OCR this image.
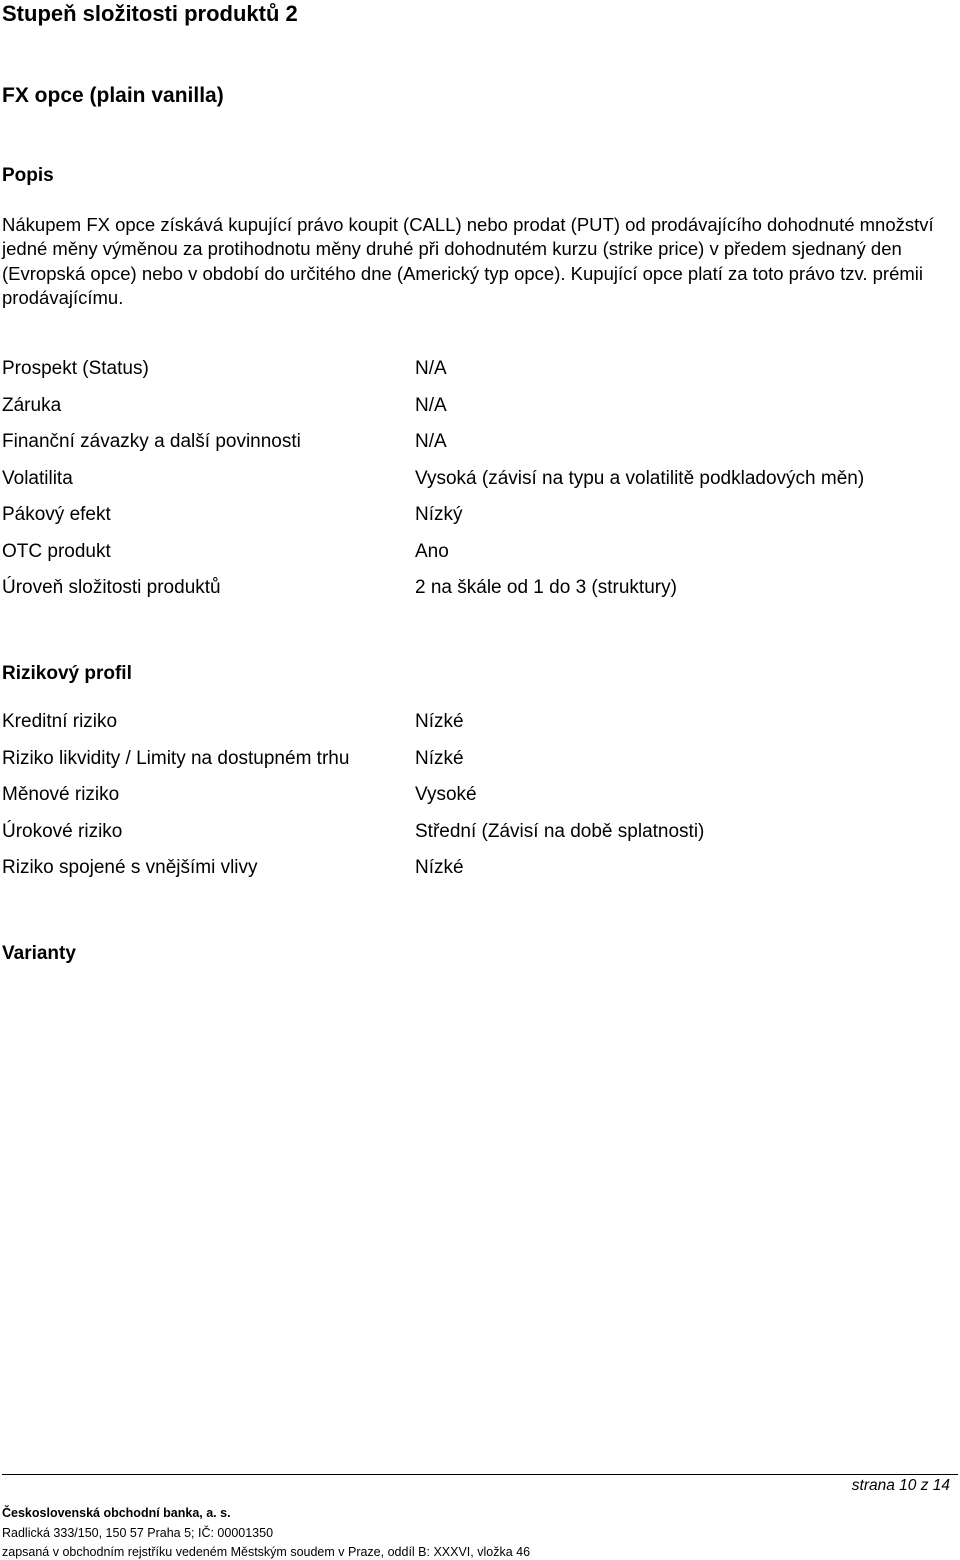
Stupeň složitosti produktů 2
FX opce (plain vanilla)
Popis
Nákupem FX opce získává kupující právo koupit (CALL) nebo prodat (PUT) od prodávajícího dohodnuté množství jedné měny výměnou za protihodnotu měny druhé při dohodnutém kurzu (strike price) v předem sjednaný den (Evropská opce) nebo v období do určitého dne (Americký typ opce). Kupující opce platí za toto právo tzv. prémii prodávajícímu.
Prospekt (Status)	N/A
Záruka	N/A
Finanční závazky a další povinnosti	N/A
Volatilita	Vysoká (závisí na typu a volatilitě podkladových měn)
Pákový efekt	Nízký
OTC produkt	Ano
Úroveň složitosti produktů	2 na škále od 1 do 3 (struktury)
Rizikový profil
Kreditní riziko	Nízké
Riziko likvidity / Limity na dostupném trhu	Nízké
Měnové riziko	Vysoké
Úrokové riziko	Střední (Závisí na době splatnosti)
Riziko spojené s vnějšími vlivy	Nízké
Varianty
strana 10 z 14
Československá obchodní banka, a. s.
Radlická 333/150, 150 57 Praha 5; IČ: 00001350
zapsaná v obchodním rejstříku vedeném Městským soudem v Praze, oddíl B: XXXVI, vložka 46
